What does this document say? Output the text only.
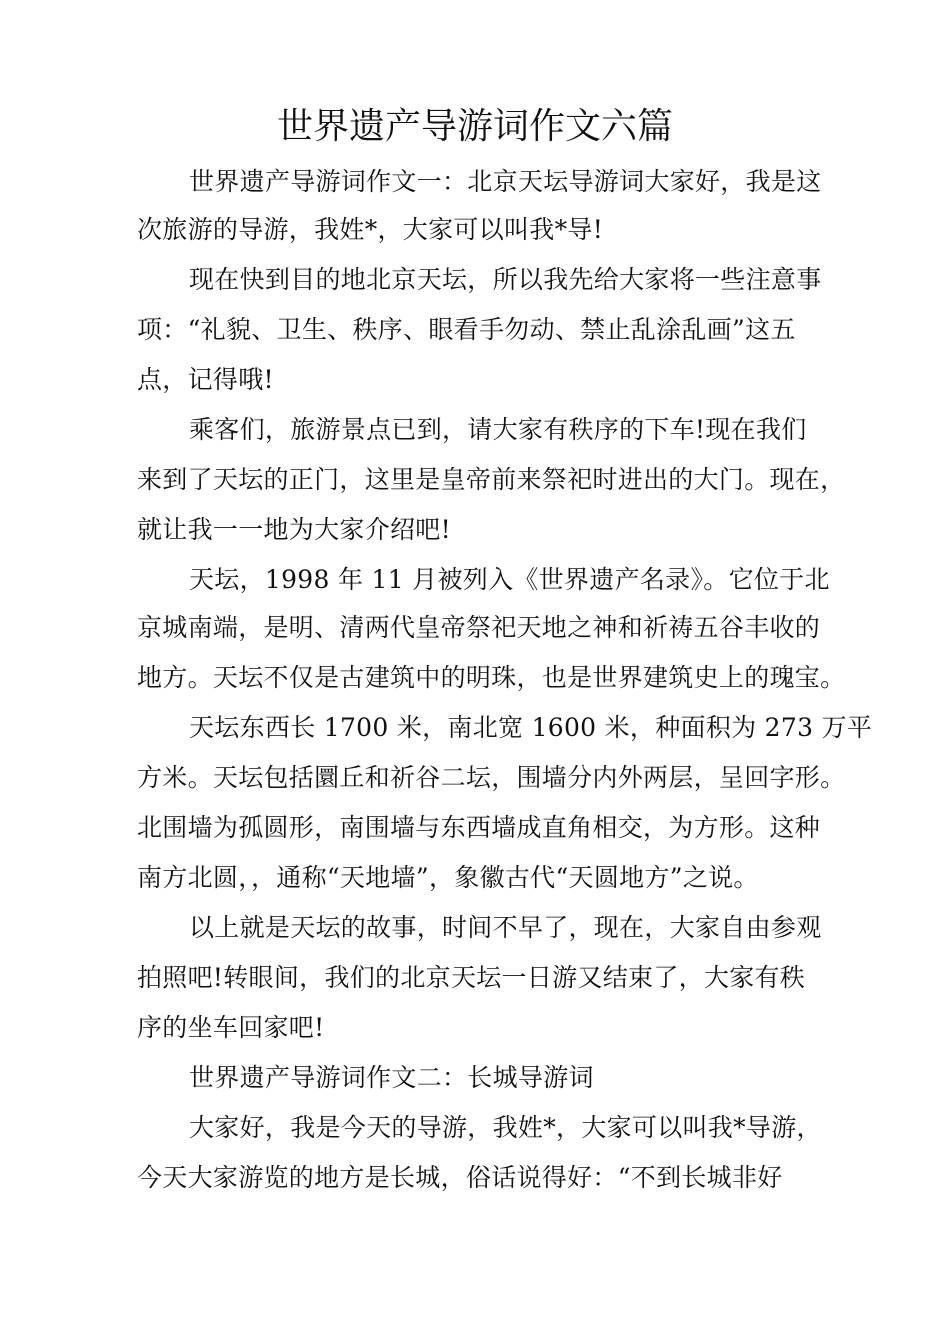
世界遗产导游词作文六篇
世界遗产导游词作文一：北京天坛导游词大家好，我是这
次旅游的导游，我姓*，大家可以叫我*导!
现在快到目的地北京天坛，所以我先给大家将一些注意事
项：“礼貌、卫生、秩序、眼看手勿动、禁止乱涂乱画”这五
点，记得哦!
乘客们，旅游景点已到，请大家有秩序的下车!现在我们
来到了天坛的正门，这里是皇帝前来祭祀时进出的大门。现在，
就让我一一地为大家介绍吧!
天坛，1998 年 11 月被列入《世界遗产名录》。它位于北
京城南端，是明、清两代皇帝祭祀天地之神和祈祷五谷丰收的
地方。天坛不仅是古建筑中的明珠，也是世界建筑史上的瑰宝。
天坛东西长 1700 米，南北宽 1600 米，种面积为 273 万平
方米。天坛包括圜丘和祈谷二坛，围墙分内外两层，呈回字形。
北围墙为孤圆形，南围墙与东西墙成直角相交，为方形。这种
南方北圆，，通称“天地墙”，象徽古代“天圆地方”之说。
以上就是天坛的故事，时间不早了，现在，大家自由参观
拍照吧!转眼间，我们的北京天坛一日游又结束了，大家有秩
序的坐车回家吧!
世界遗产导游词作文二：长城导游词
大家好，我是今天的导游，我姓*，大家可以叫我*导游，
今天大家游览的地方是长城，俗话说得好：“不到长城非好
